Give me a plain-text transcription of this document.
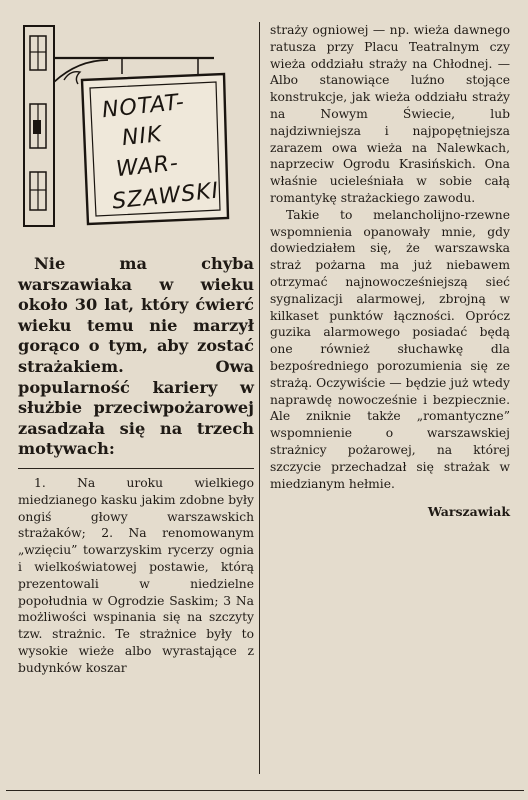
NOTAT-
NIK
WAR-
SZAWSKI
Nie ma chyba warszawiaka w wieku około 30 lat, który ćwierć wieku temu nie marzył gorąco o tym, aby zostać strażakiem. Owa popularność kariery w służbie przeciwpożarowej zasadzała się na trzech motywach:

1. Na uroku wielkiego miedzianego kasku jakim zdobne były ongiś głowy warszawskich strażaków; 2. Na renomowanym „wzięciu” towarzyskim rycerzy ognia i wielkoświatowej postawie, którą prezentowali w niedzielne popołudnia w Ogrodzie Saskim; 3 Na możliwości wspinania się na szczyty tzw. strażnic. Te strażnice były to wysokie wieże albo wyrastające z budynków koszar

straży ogniowej — np. wieża dawnego ratusza przy Placu Teatralnym czy wieża oddziału straży na Chłodnej. — Albo stanowiące luźno stojące konstrukcje, jak wieża oddziału straży na Nowym Świecie, lub najdziwniejsza i najpopętniejsza zarazem owa wieża na Nalewkach, naprzeciw Ogrodu Krasińskich. Ona właśnie ucieleśniała w sobie całą romantykę strażackiego zawodu.

Takie to melancholijno-rzewne wspomnienia opanowały mnie, gdy dowiedziałem się, że warszawska straż pożarna ma już niebawem otrzymać najnowocześniejszą sieć sygnalizacji alarmowej, zbrojną w kilkaset punktów łączności. Oprócz guzika alarmowego posiadać będą one również słuchawkę dla bezpośredniego porozumienia się ze strażą. Oczywiście — będzie już wtedy naprawdę nowocześnie i bezpiecznie. Ale zniknie także „romantyczne” wspomnienie o warszawskiej strażnicy pożarowej, na której szczycie przechadzał się strażak w miedzianym hełmie.

Warszawiak
